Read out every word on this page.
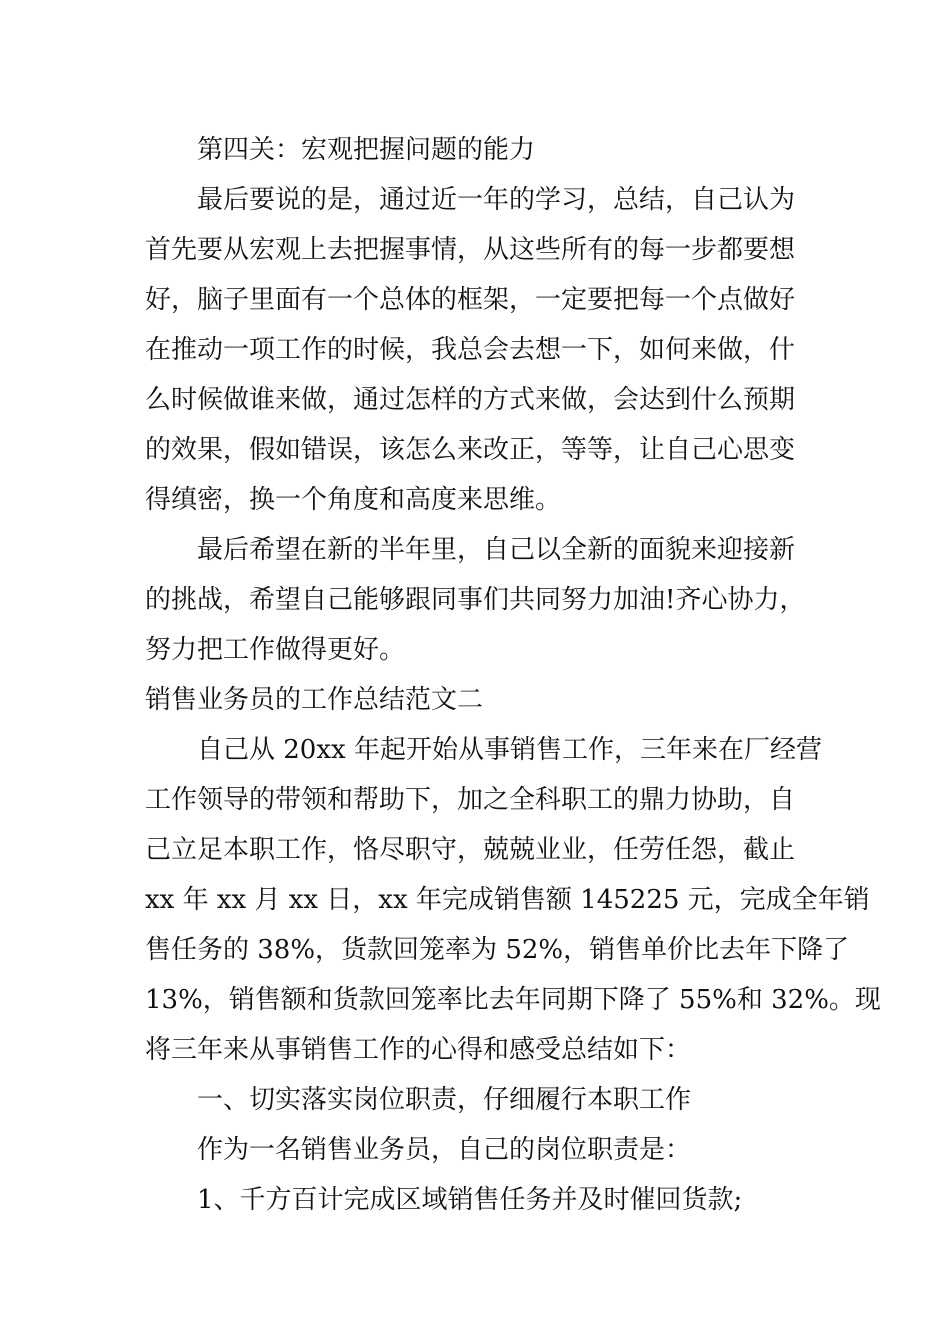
第四关：宏观把握问题的能力

最后要说的是，通过近一年的学习，总结，自己认为

首先要从宏观上去把握事情，从这些所有的每一步都要想

好，脑子里面有一个总体的框架，一定要把每一个点做好

在推动一项工作的时候，我总会去想一下，如何来做，什

么时候做谁来做，通过怎样的方式来做，会达到什么预期

的效果，假如错误，该怎么来改正，等等，让自己心思变

得缜密，换一个角度和高度来思维。

最后希望在新的半年里，自己以全新的面貌来迎接新

的挑战，希望自己能够跟同事们共同努力加油!齐心协力，

努力把工作做得更好。

销售业务员的工作总结范文二

自己从 20xx 年起开始从事销售工作，三年来在厂经营

工作领导的带领和帮助下，加之全科职工的鼎力协助，自

己立足本职工作，恪尽职守，兢兢业业，任劳任怨，截止

xx 年 xx 月 xx 日，xx 年完成销售额 145225 元，完成全年销

售任务的 38%，货款回笼率为 52%，销售单价比去年下降了

13%，销售额和货款回笼率比去年同期下降了 55%和 32%。现

将三年来从事销售工作的心得和感受总结如下：

一、切实落实岗位职责，仔细履行本职工作

作为一名销售业务员，自己的岗位职责是：

1、千方百计完成区域销售任务并及时催回货款;
